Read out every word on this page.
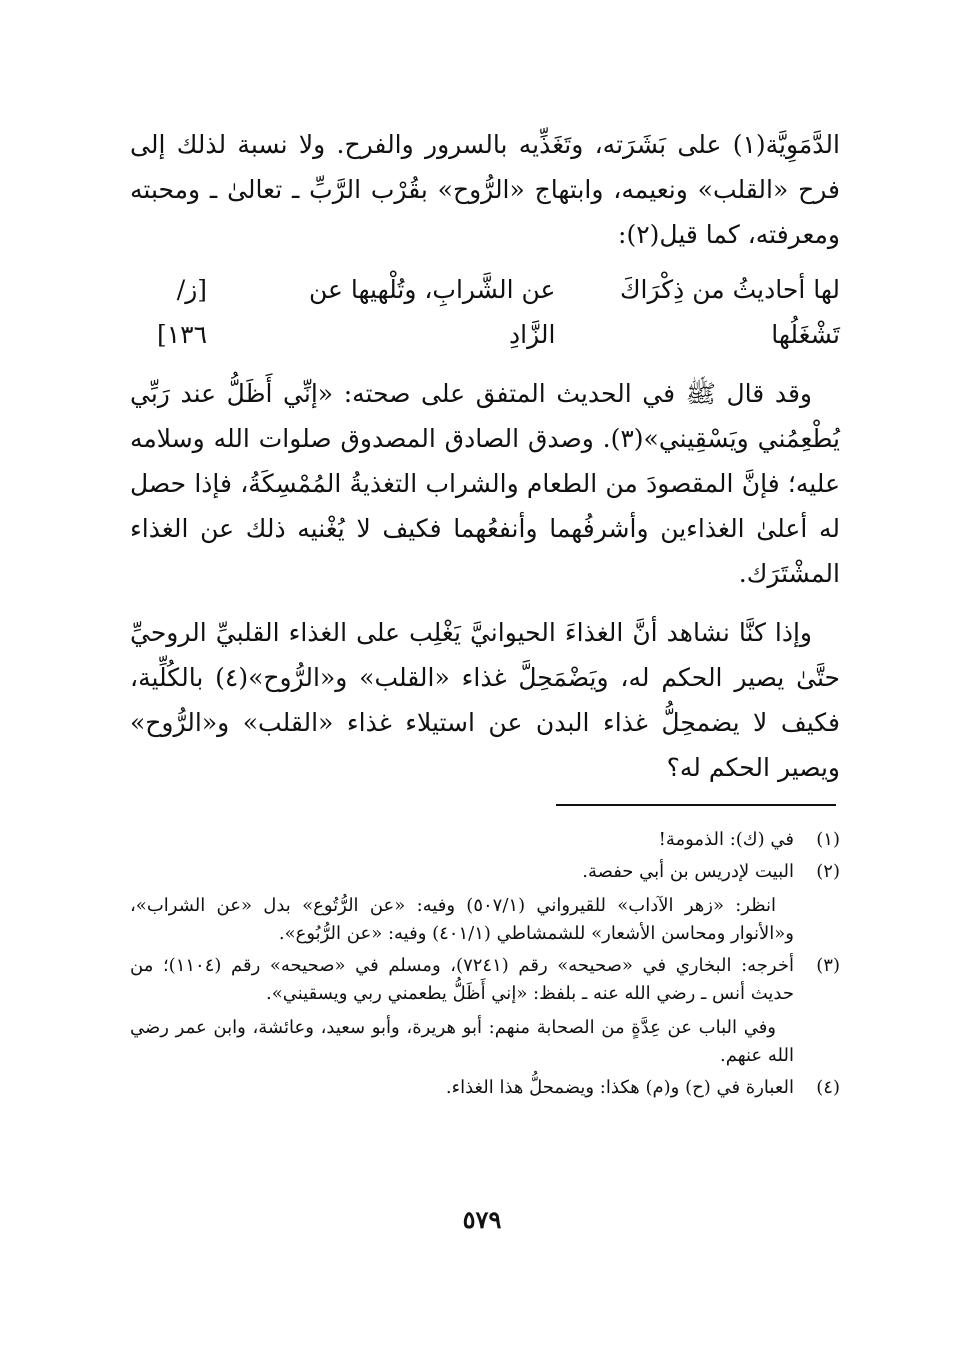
الدَّمَوِيَّة(١) على بَشَرَته، وتَغَذِّيه بالسرور والفرح. ولا نسبة لذلك إلى فرح «القلب» ونعيمه، وابتهاج «الرُّوح» بقُرْب الرَّبِّ ـ تعالىٰ ـ ومحبته ومعرفته، كما قيل(٢):

لها أحاديثُ من ذِكْرَاكَ تَشْغَلُها
عن الشَّرابِ، وتُلْهيها عن الزَّادِ
[ز/١٣٦]

وقد قال ﷺ في الحديث المتفق على صحته: «إنِّي أَظَلُّ عند رَبِّي يُطْعِمُني ويَسْقِيني»(٣). وصدق الصادق المصدوق صلوات الله وسلامه عليه؛ فإنَّ المقصودَ من الطعام والشراب التغذيةُ المُمْسِكَةُ، فإذا حصل له أعلىٰ الغذاءين وأشرفُهما وأنفعُهما فكيف لا يُغْنيه ذلك عن الغذاء المشْتَرَك.

وإذا كنَّا نشاهد أنَّ الغذاءَ الحيوانيَّ يَغْلِب على الغذاء القلبيِّ الروحيِّ حتَّىٰ يصير الحكم له، ويَضْمَحِلَّ غذاء «القلب» و«الرُّوح»(٤) بالكُلِّية، فكيف لا يضمحِلُّ غذاء البدن عن استيلاء غذاء «القلب» و«الرُّوح» ويصير الحكم له؟

(١)
في (ك): الذمومة!
(٢)
البيت لإدريس بن أبي حفصة.
انظر: «زهر الآداب» للقيرواني (٥٠٧/١) وفيه: «عن الرُّتُوع» بدل «عن الشراب»، و«الأنوار ومحاسن الأشعار» للشمشاطي (٤٠١/١) وفيه: «عن الرُّبُوع».
(٣)
أخرجه: البخاري في «صحيحه» رقم (٧٢٤١)، ومسلم في «صحيحه» رقم (١١٠٤)؛ من حديث أنس ـ رضي الله عنه ـ بلفظ: «إني أَظَلُّ يطعمني ربي ويسقيني».
وفي الباب عن عِدَّةٍ من الصحابة منهم: أبو هريرة، وأبو سعيد، وعائشة، وابن عمر رضي الله عنهم.
(٤)
العبارة في (ح) و(م) هكذا: ويضمحلُّ هذا الغذاء.
٥٧٩
